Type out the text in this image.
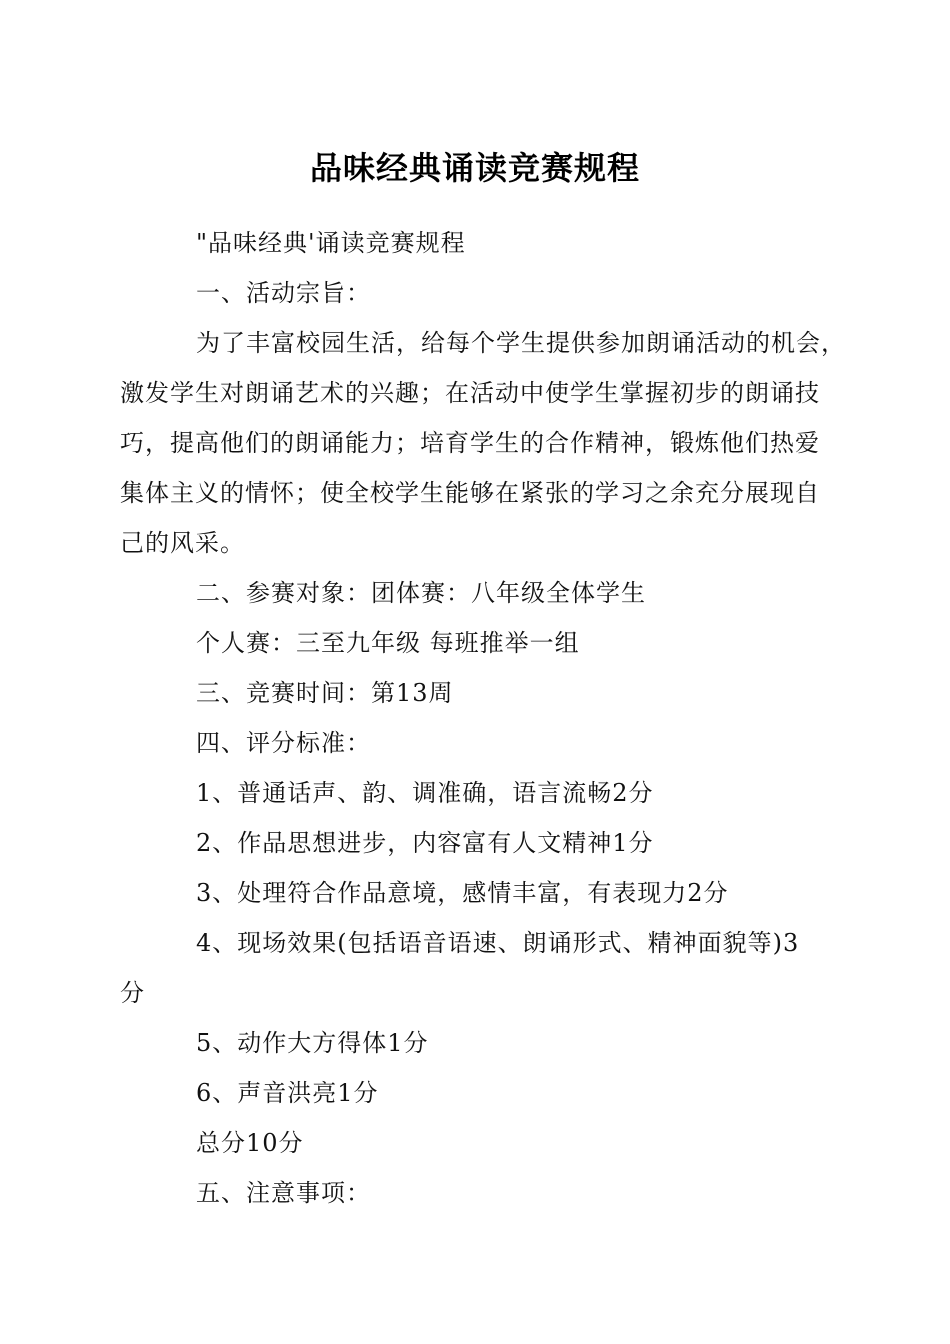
品味经典诵读竞赛规程
"品味经典'诵读竞赛规程
一、活动宗旨：
为了丰富校园生活，给每个学生提供参加朗诵活动的机会，
激发学生对朗诵艺术的兴趣；在活动中使学生掌握初步的朗诵技
巧，提高他们的朗诵能力；培育学生的合作精神，锻炼他们热爱
集体主义的情怀；使全校学生能够在紧张的学习之余充分展现自
己的风采。
二、参赛对象：团体赛：八年级全体学生
个人赛：三至九年级 每班推举一组
三、竞赛时间：第13周
四、评分标准：
1、普通话声、韵、调准确，语言流畅2分
2、作品思想进步，内容富有人文精神1分
3、处理符合作品意境，感情丰富，有表现力2分
4、现场效果(包括语音语速、朗诵形式、精神面貌等)3
分
5、动作大方得体1分
6、声音洪亮1分
总分10分
五、注意事项：
